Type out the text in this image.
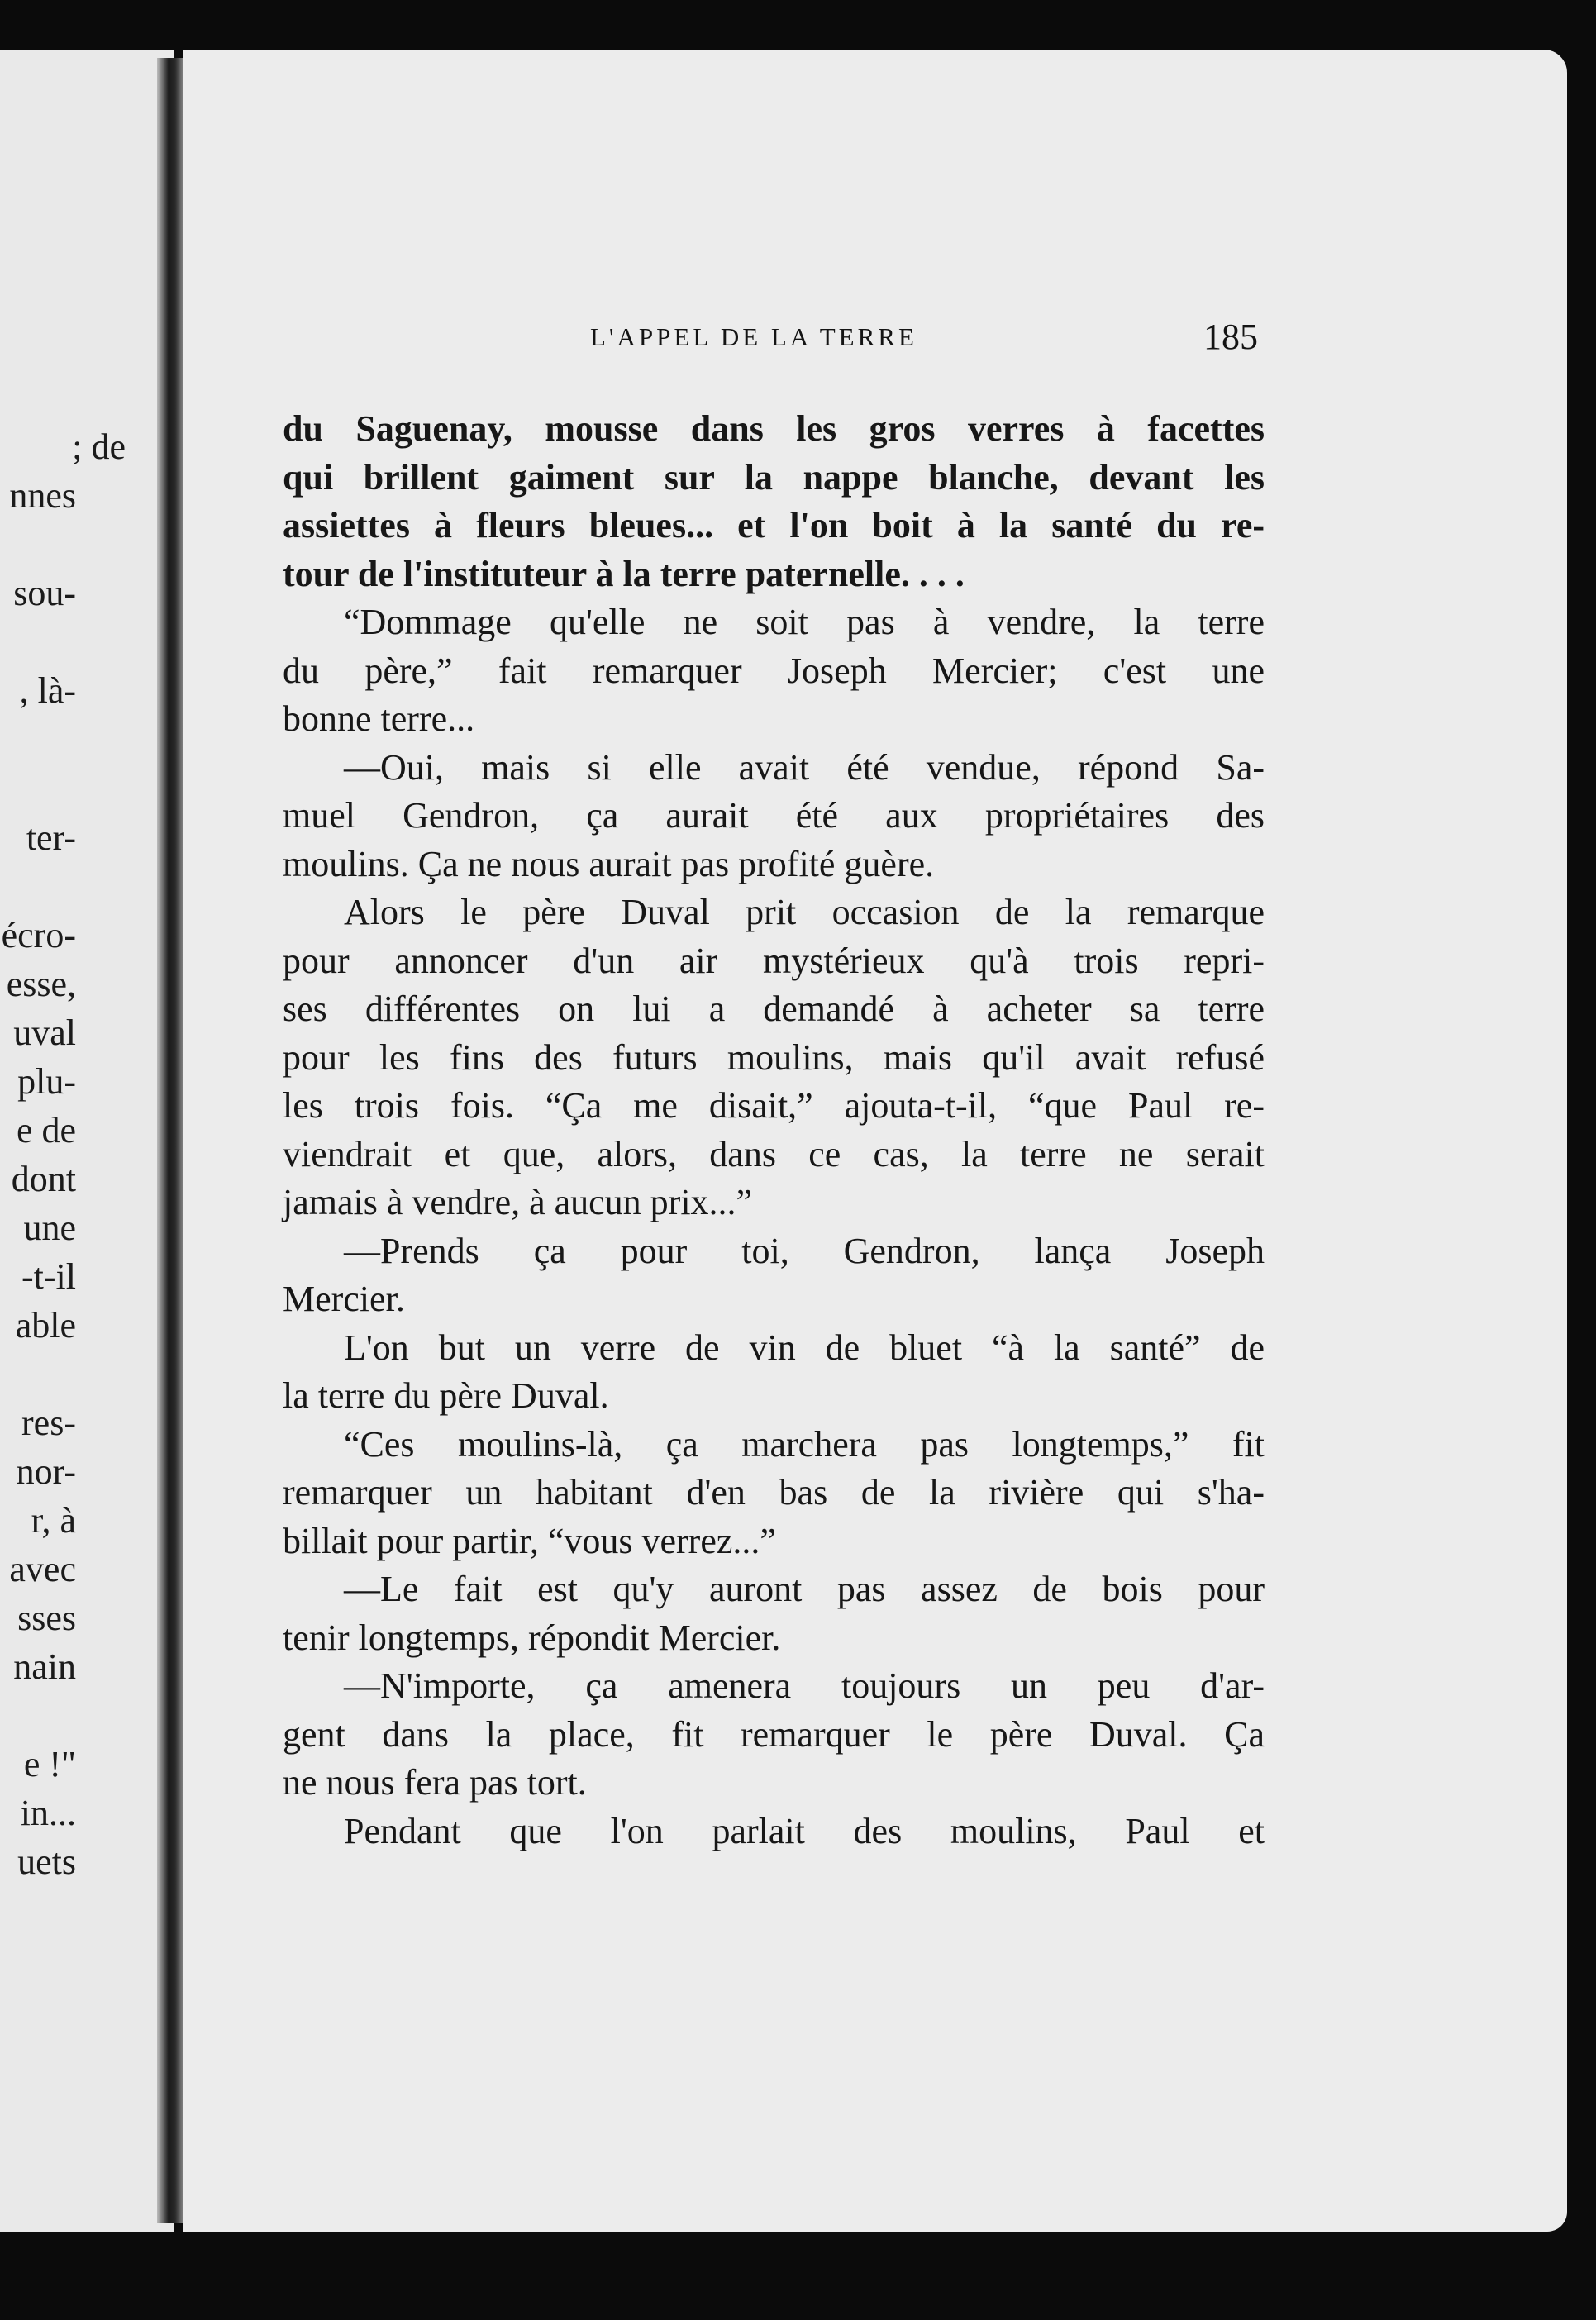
; de
nnes
sou-
, là-
ter-
écro-
esse,
uval
plu-
e de
dont
une
-t-il
able
res-
nor-
r, à
avec
sses
nain
e !"
in...
uets
L'APPEL DE LA TERRE	185
du Saguenay, mousse dans les gros verres à facettes
qui brillent gaiment sur la nappe blanche, devant les
assiettes à fleurs bleues... et l'on boit à la santé du re-
tour de l'instituteur à la terre paternelle. . . .
“Dommage qu'elle ne soit pas à vendre, la terre
du père,” fait remarquer Joseph Mercier; c'est une
bonne terre...
—Oui, mais si elle avait été vendue, répond Sa-
muel Gendron, ça aurait été aux propriétaires des
moulins. Ça ne nous aurait pas profité guère.
Alors le père Duval prit occasion de la remarque
pour annoncer d'un air mystérieux qu'à trois repri-
ses différentes on lui a demandé à acheter sa terre
pour les fins des futurs moulins, mais qu'il avait refusé
les trois fois. “Ça me disait,” ajouta-t-il, “que Paul re-
viendrait et que, alors, dans ce cas, la terre ne serait
jamais à vendre, à aucun prix...”
—Prends ça pour toi, Gendron, lança Joseph
Mercier.
L'on but un verre de vin de bluet “à la santé” de
la terre du père Duval.
“Ces moulins-là, ça marchera pas longtemps,” fit
remarquer un habitant d'en bas de la rivière qui s'ha-
billait pour partir, “vous verrez...”
—Le fait est qu'y auront pas assez de bois pour
tenir longtemps, répondit Mercier.
—N'importe, ça amenera toujours un peu d'ar-
gent dans la place, fit remarquer le père Duval. Ça
ne nous fera pas tort.
Pendant que l'on parlait des moulins, Paul et
